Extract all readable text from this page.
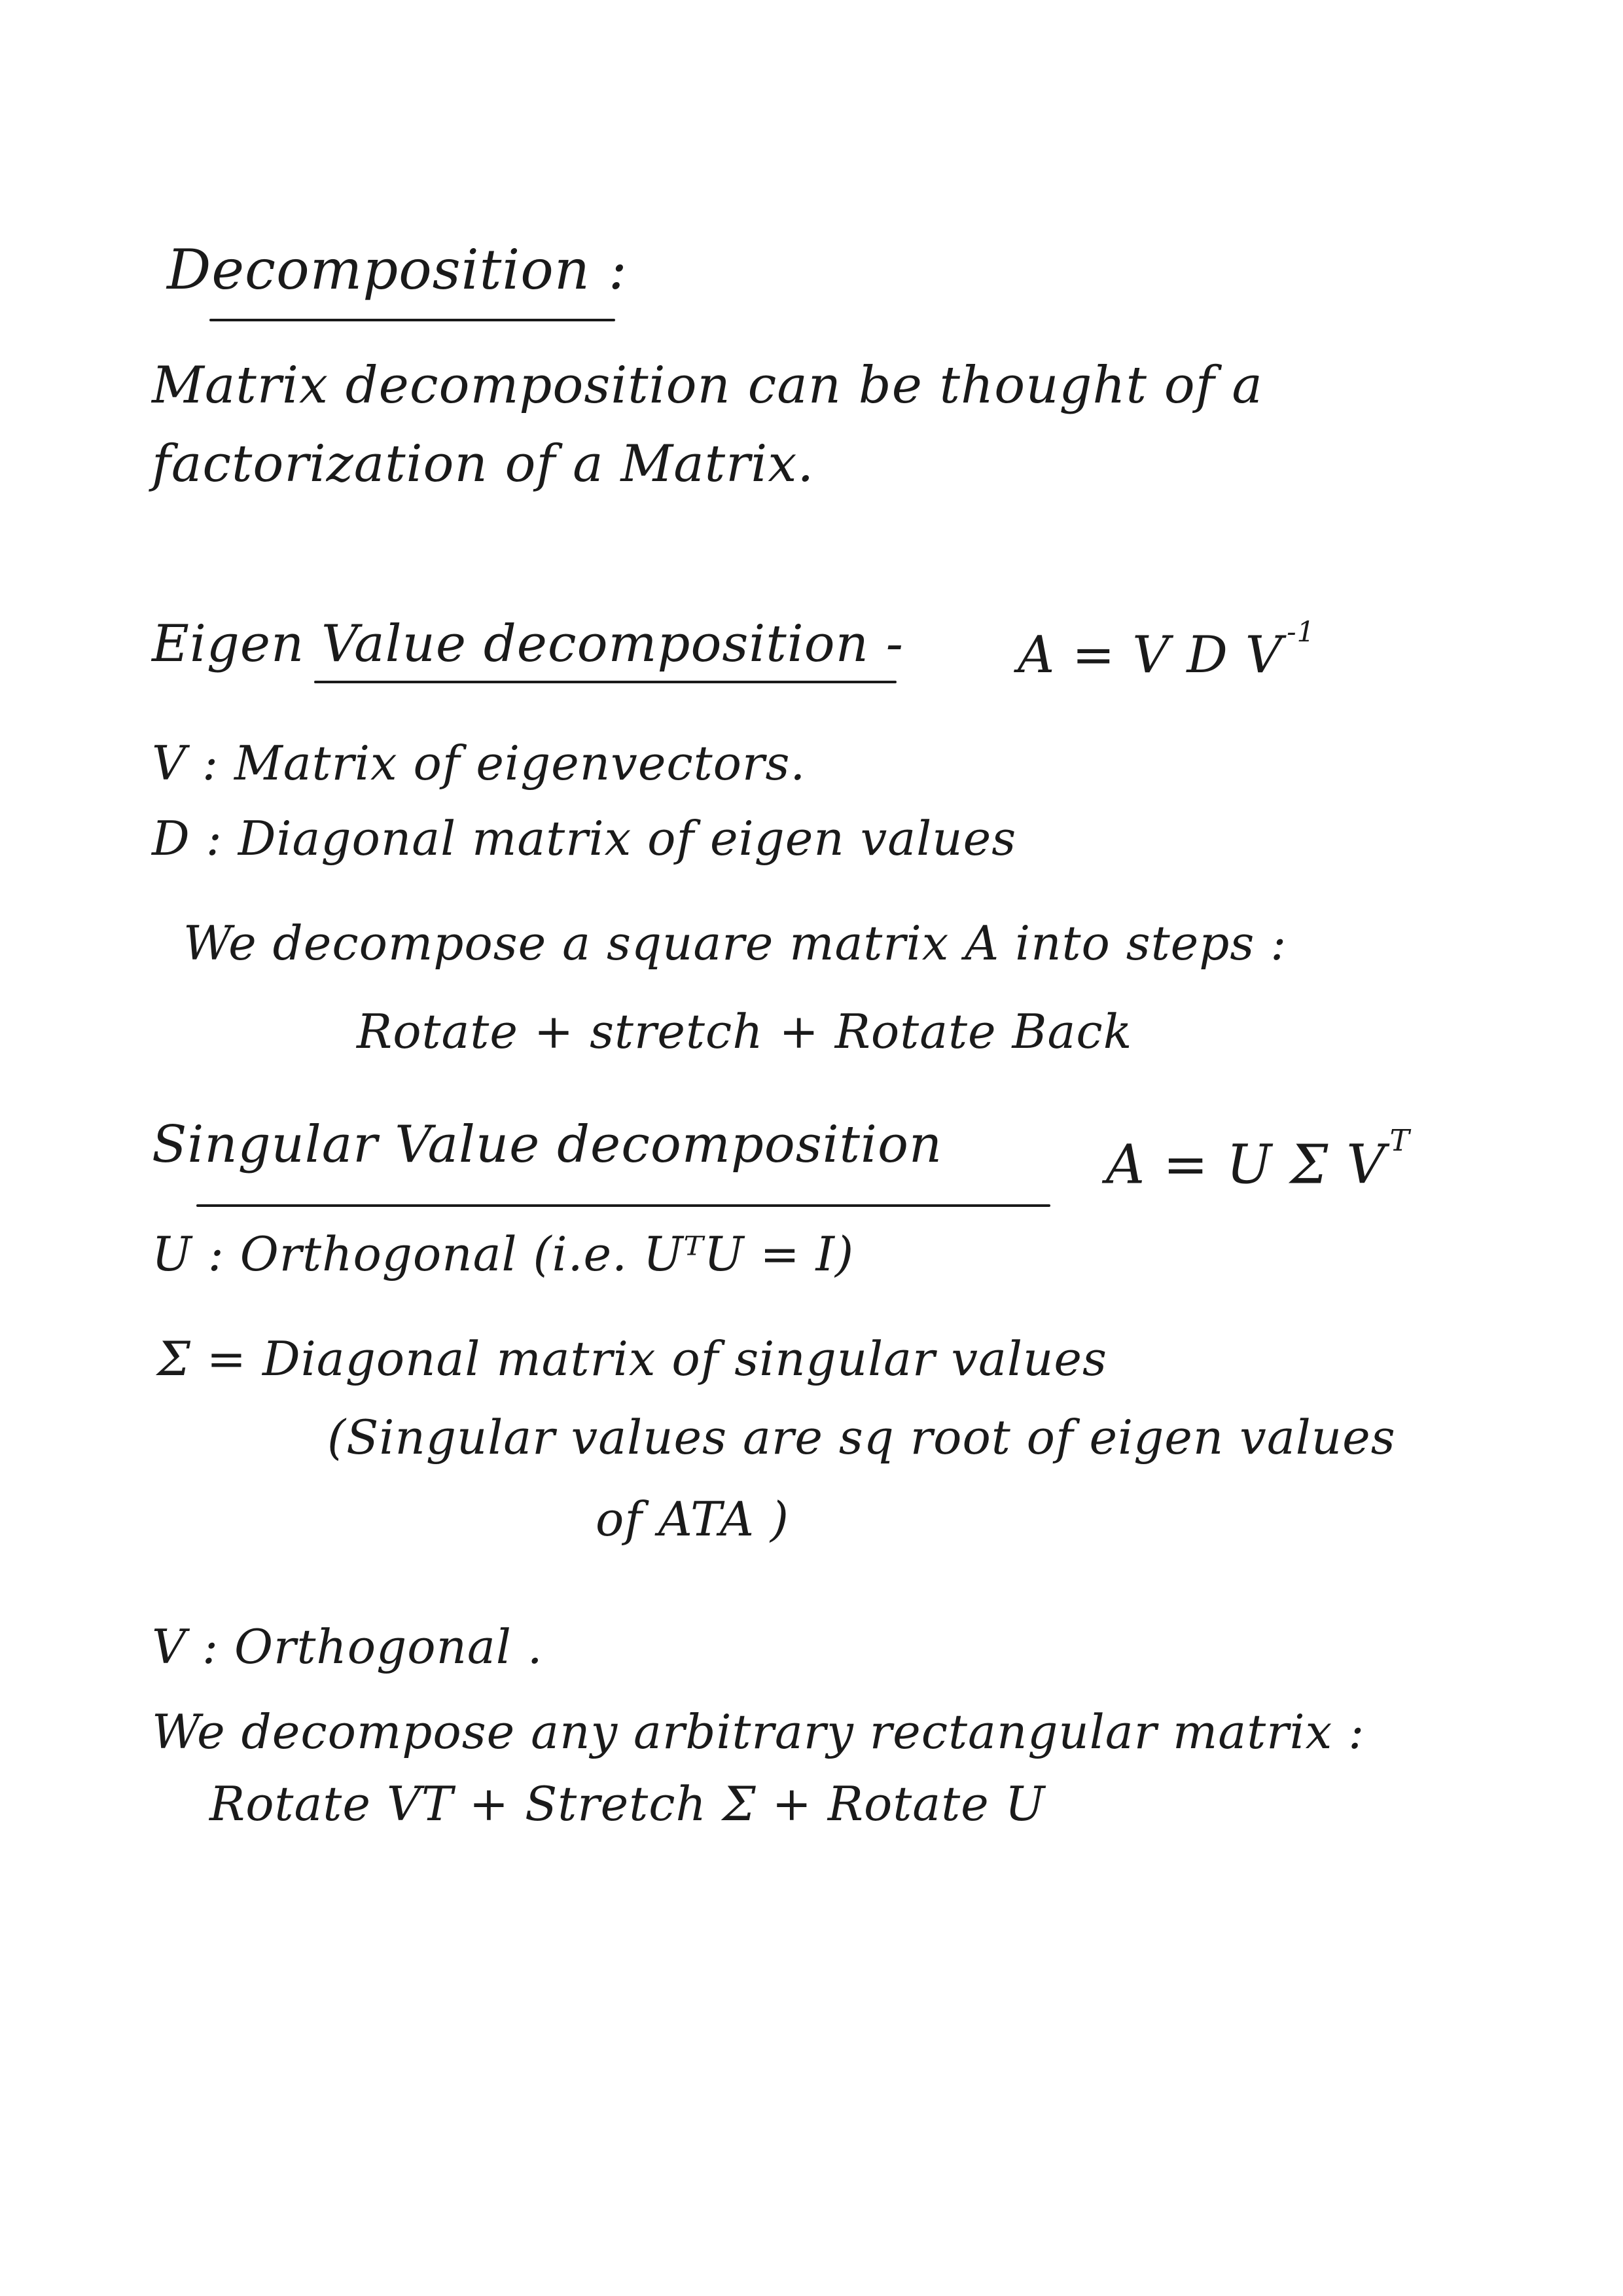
Decomposition :
Matrix decomposition can be thought of a
factorization of a Matrix.
Eigen Value decomposition - A = V D V $^{-1}$
V : Matrix of eigenvectors.
D : Diagonal matrix of eigen values
We decompose a square matrix A into steps :
Rotate + stretch + Rotate Back
Singular Value decomposition	A = U Σ V $^T$
U : Orthogonal (i.e. UᵀU = I)
Σ = Diagonal matrix of singular values
(Singular values are sq root of eigen values
of ATA )
V : Orthogonal .
We decompose any arbitrary rectangular matrix :
Rotate VT + Stretch Σ + Rotate U
